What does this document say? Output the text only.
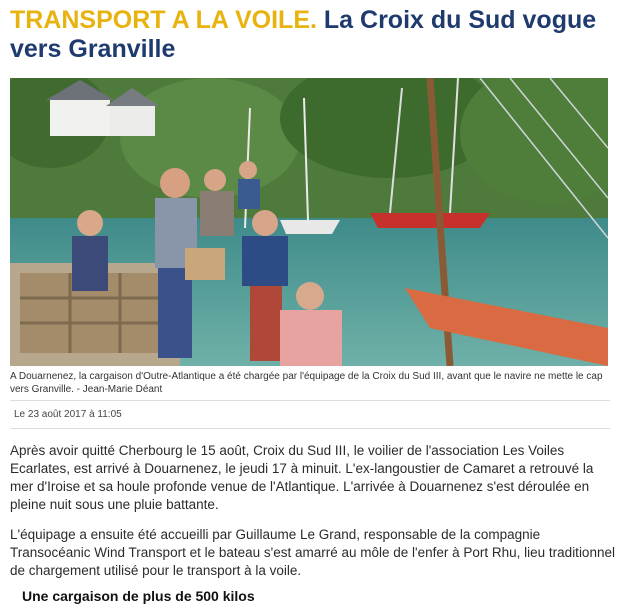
TRANSPORT A LA VOILE. La Croix du Sud vogue vers Granville
A Douarnenez, la cargaison d'Outre-Atlantique a été chargée par l'équipage de la Croix du Sud III, avant que le navire ne mette le cap vers Granville. - Jean-Marie Déant
Le 23 août 2017 à 11:05

Après avoir quitté Cherbourg le 15 août, Croix du Sud III, le voilier de l'association Les Voiles Ecarlates, est arrivé à Douarnenez, le jeudi 17 à minuit. L'ex-langoustier de Camaret a retrouvé la mer d'Iroise et sa houle profonde venue de l'Atlantique. L'arrivée à Douarnenez s'est déroulée en pleine nuit sous une pluie battante.

L'équipage a ensuite été accueilli par Guillaume Le Grand, responsable de la compagnie Transocéanic Wind Transport et le bateau s'est amarré au môle de l'enfer à Port Rhu, lieu traditionnel de chargement utilisé pour le transport à la voile.

Une cargaison de plus de 500 kilos
